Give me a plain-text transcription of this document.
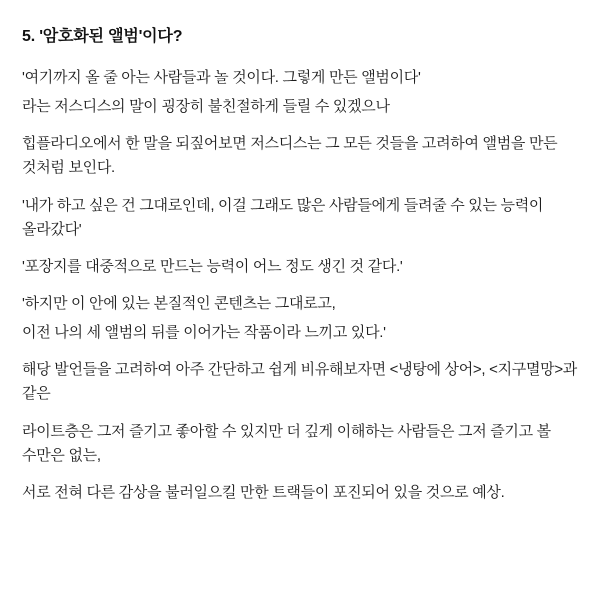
5. '암호화된 앨범'이다?

'여기까지 올 줄 아는 사람들과 놀 것이다. 그렇게 만든 앨범이다'

라는 저스디스의 말이 굉장히 불친절하게 들릴 수 있겠으나

힙플라디오에서 한 말을 되짚어보면 저스디스는 그 모든 것들을 고려하여 앨범을 만든 것처럼 보인다.

'내가 하고 싶은 건 그대로인데, 이걸 그래도 많은 사람들에게 들려줄 수 있는 능력이 올라갔다'

'포장지를 대중적으로 만드는 능력이 어느 정도 생긴 것 같다.'

'하지만 이 안에 있는 본질적인 콘텐츠는 그대로고,

이전 나의 세 앨범의 뒤를 이어가는 작품이라 느끼고 있다.'

해당 발언들을 고려하여 아주 간단하고 쉽게 비유해보자면 <냉탕에 상어>, <지구멸망>과 같은

라이트층은 그저 즐기고 좋아할 수 있지만 더 깊게 이해하는 사람들은 그저 즐기고 볼 수만은 없는,

서로 전혀 다른 감상을 불러일으킬 만한 트랙들이 포진되어 있을 것으로 예상.
